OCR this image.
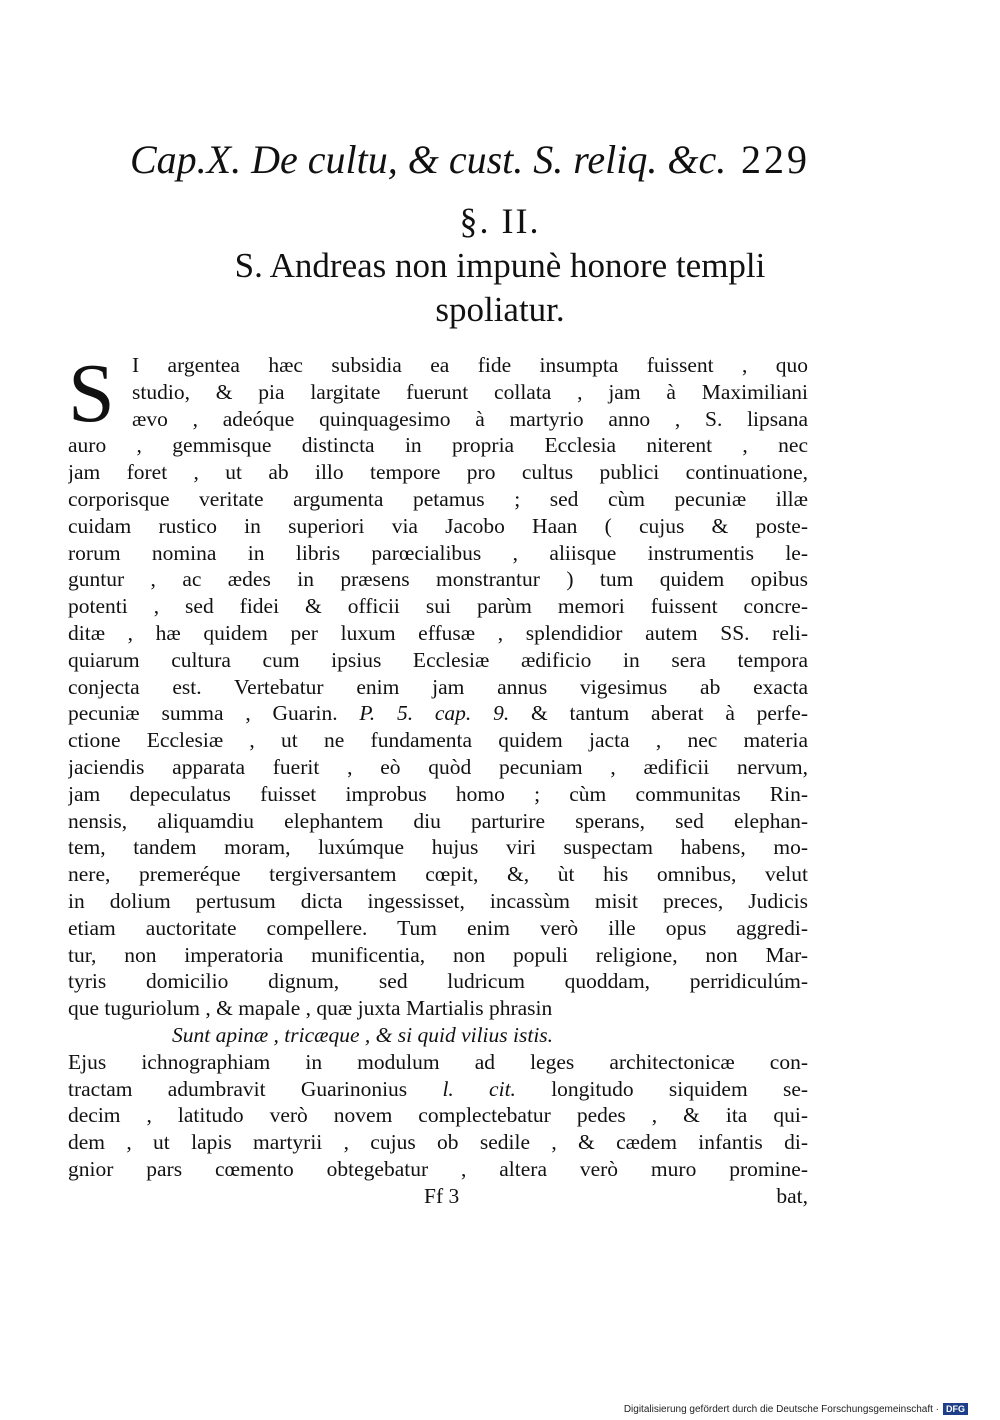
Cap.X. De cultu, & cust. S. reliq. &c. 229
§. II.
S. Andreas non impunè honore templi
spoliatur.
S I argentea hæc subsidia ea fide insumpta fuissent , quo
studio, & pia largitate fuerunt collata , jam à Maximiliani
ævo , adeóque quinquagesimo à martyrio anno , S. lipsana
auro , gemmisque distincta in propria Ecclesia niterent , nec
jam foret , ut ab illo tempore pro cultus publici continuatione,
corporisque veritate argumenta petamus ; sed cùm pecuniæ illæ
cuidam rustico in superiori via Jacobo Haan ( cujus & poste-
rorum nomina in libris parœcialibus , aliisque instrumentis le-
guntur , ac ædes in præsens monstrantur ) tum quidem opibus
potenti , sed fidei & officii sui parùm memori fuissent concre-
ditæ , hæ quidem per luxum effusæ , splendidior autem SS. reli-
quiarum cultura cum ipsius Ecclesiæ ædificio in sera tempora
conjecta est. Vertebatur enim jam annus vigesimus ab exacta
pecuniæ summa , Guarin. P. 5. cap. 9. & tantum aberat à perfe-
ctione Ecclesiæ , ut ne fundamenta quidem jacta , nec materia
jaciendis apparata fuerit , eò quòd pecuniam , ædificii nervum,
jam depeculatus fuisset improbus homo ; cùm communitas Rin-
nensis, aliquamdiu elephantem diu parturire sperans, sed elephan-
tem, tandem moram, luxúmque hujus viri suspectam habens, mo-
nere, premeréque tergiversantem cœpit, &, ùt his omnibus, velut
in dolium pertusum dicta ingessisset, incassùm misit preces, Judicis
etiam auctoritate compellere. Tum enim verò ille opus aggredi-
tur, non imperatoria munificentia, non populi religione, non Mar-
tyris domicilio dignum, sed ludricum quoddam, perridiculúm-
que tuguriolum , & mapale , quæ juxta Martialis phrasin
Sunt apinæ , tricæque , & si quid vilius istis.
Ejus ichnographiam in modulum ad leges architectonicæ con-
tractam adumbravit Guarinonius l. cit. longitudo siquidem se-
decim , latitudo verò novem complectebatur pedes , & ita qui-
dem , ut lapis martyrii , cujus ob sedile , & cædem infantis di-
gnior pars cœmento obtegebatur , altera verò muro promine-
Ff 3	bat,
Digitalisierung gefördert durch die Deutsche Forschungsgemeinschaft · DFG
